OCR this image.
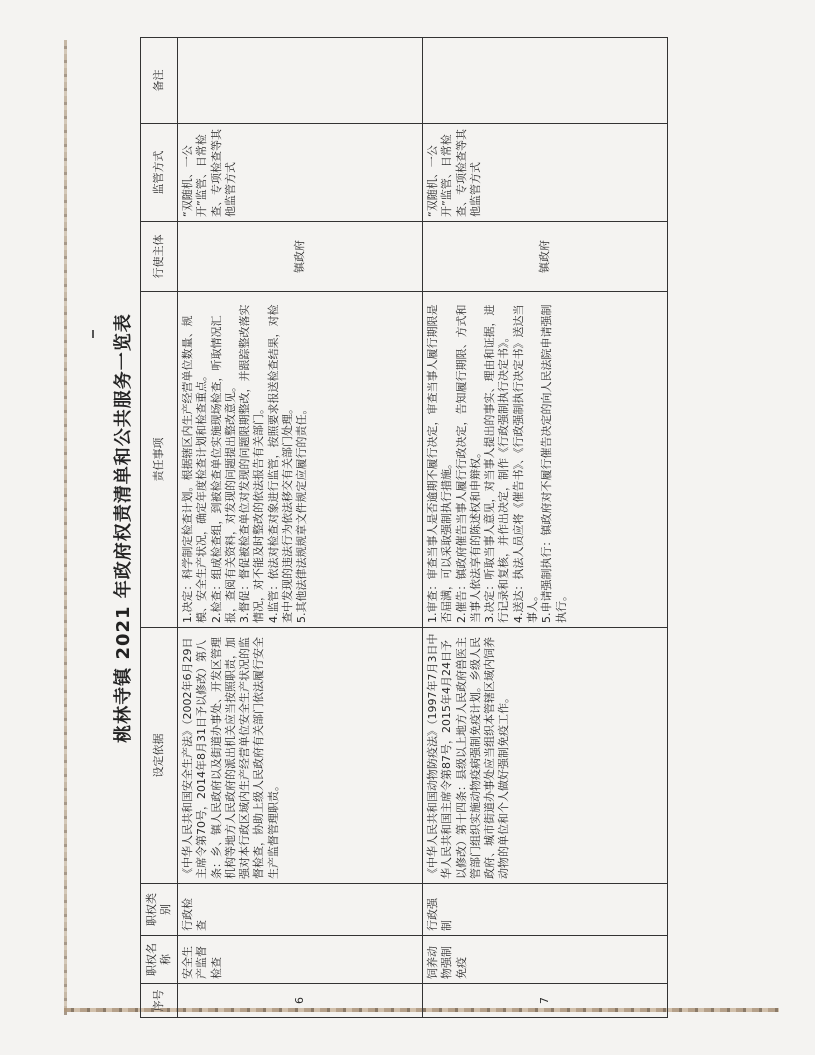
桃林寺镇 2021 年政府权责清单和公共服务一览表
序号	职权名称	职权类别	设定依据	责任事项	行使主体	监管方式	备注
6	安全生产监督检查	行政检查	《中华人民共和国安全生产法》（2002年6月29日主席令第70号，2014年8月31日予以修改）第八条：乡、镇人民政府以及街道办事处、开发区管理机构等地方人民政府的派出机关应当按照职责，加强对本行政区域内生产经营单位安全生产状况的监督检查，协助上级人民政府有关部门依法履行安全生产监督管理职责。	1.决定：科学制定检查计划。根据辖区内生产经营单位数量、规模、安全生产状况，确定年度检查计划和检查重点。 2.检查：组成检查组，到被检查单位实施现场检查，听取情况汇报，查阅有关资料，对发现的问题提出整改意见。 3.督促：督促被检查单位对发现的问题限期整改，并跟踪整改落实情况，对不能及时整改的依法报告有关部门。 4.监管：依法对检查对象进行监管，按照要求报送检查结果，对检查中发现的违法行为依法移交有关部门处理。 5.其他法律法规规章文件规定应履行的责任。	镇政府	“双随机、一公开”监管、日常检查、专项检查等其他监管方式	
7	饲养动物强制免疫	行政强制	《中华人民共和国动物防疫法》（1997年7月3日中华人民共和国主席令第87号，2015年4月24日予以修改）第十四条：县级以上地方人民政府兽医主管部门组织实施动物疫病强制免疫计划。乡级人民政府、城市街道办事处应当组织本管辖区域内饲养动物的单位和个人做好强制免疫工作。	1.审查：审查当事人是否逾期不履行决定，审查当事人履行期限是否届满，可以采取强制执行措施。 2.催告：镇政府催告当事人履行行政决定，告知履行期限、方式和当事人依法享有的陈述权和申辩权。 3.决定：听取当事人意见，对当事人提出的事实、理由和证据，进行记录和复核，并作出决定，制作《行政强制执行决定书》。 4.送达：执法人员应将《催告书》、《行政强制执行决定书》送达当事人。 5.申请强制执行：镇政府对不履行催告决定的向人民法院申请强制执行。	镇政府	“双随机、一公开”监管、日常检查、专项检查等其他监管方式	
